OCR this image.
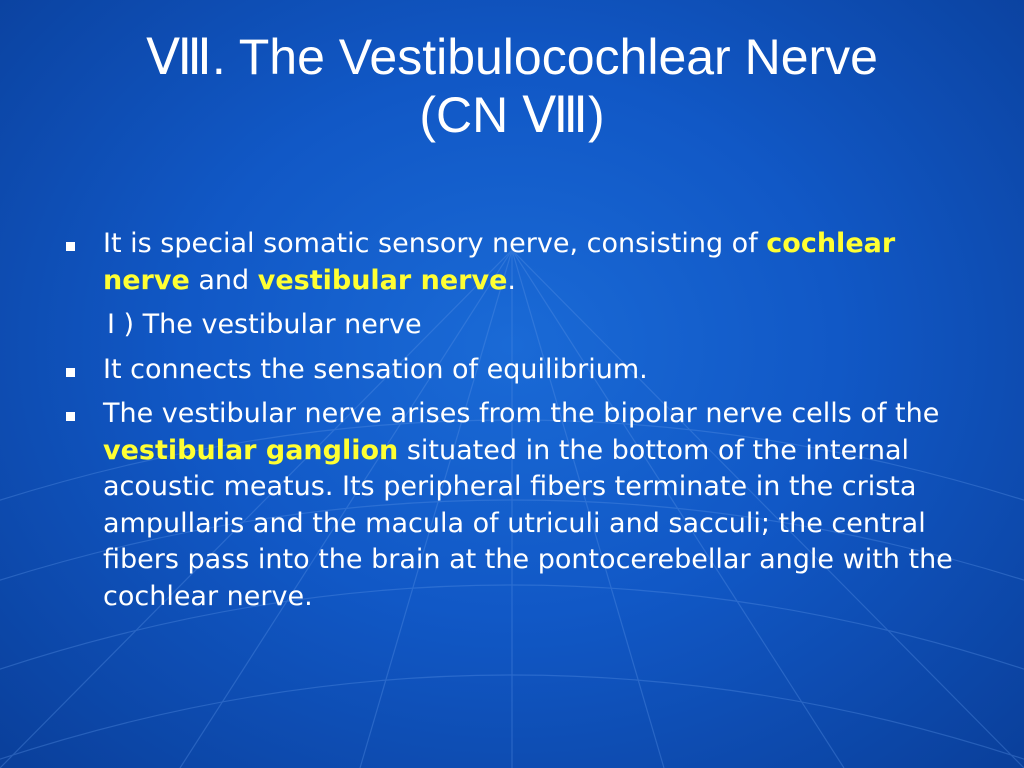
Ⅷ. The Vestibulocochlear Nerve
(CN Ⅷ)
It is special somatic sensory nerve, consisting of cochlear nerve and vestibular nerve.
Ⅰ ) The vestibular nerve
It connects the sensation of equilibrium.
The vestibular nerve arises from the bipolar nerve cells of the vestibular ganglion situated in the bottom of the internal acoustic meatus. Its peripheral fibers terminate in the crista ampullaris and the macula of utriculi and sacculi; the central fibers pass into the brain at the pontocerebellar angle with the cochlear nerve.
